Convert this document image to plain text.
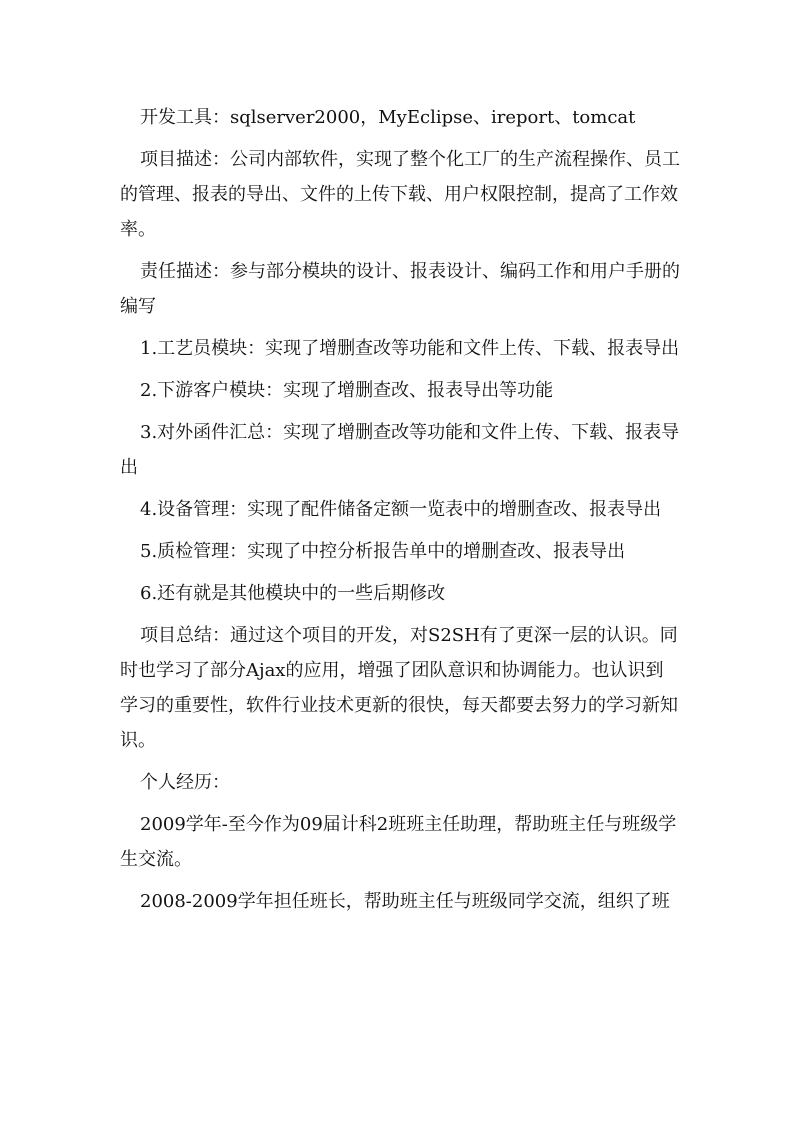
开发工具：sqlserver2000，MyEclipse、ireport、tomcat

项目描述：公司内部软件，实现了整个化工厂的生产流程操作、员工的管理、报表的导出、文件的上传下载、用户权限控制，提高了工作效率。

责任描述：参与部分模块的设计、报表设计、编码工作和用户手册的编写

1.工艺员模块：实现了增删查改等功能和文件上传、下载、报表导出

2.下游客户模块：实现了增删查改、报表导出等功能

3.对外函件汇总：实现了增删查改等功能和文件上传、下载、报表导出

4.设备管理：实现了配件储备定额一览表中的增删查改、报表导出

5.质检管理：实现了中控分析报告单中的增删查改、报表导出

6.还有就是其他模块中的一些后期修改

项目总结：通过这个项目的开发，对S2SH有了更深一层的认识。同时也学习了部分Ajax的应用，增强了团队意识和协调能力。也认识到学习的重要性，软件行业技术更新的很快，每天都要去努力的学习新知识。

个人经历：

2009学年-至今作为09届计科2班班主任助理，帮助班主任与班级学生交流。

2008-2009学年担任班长，帮助班主任与班级同学交流，组织了班
